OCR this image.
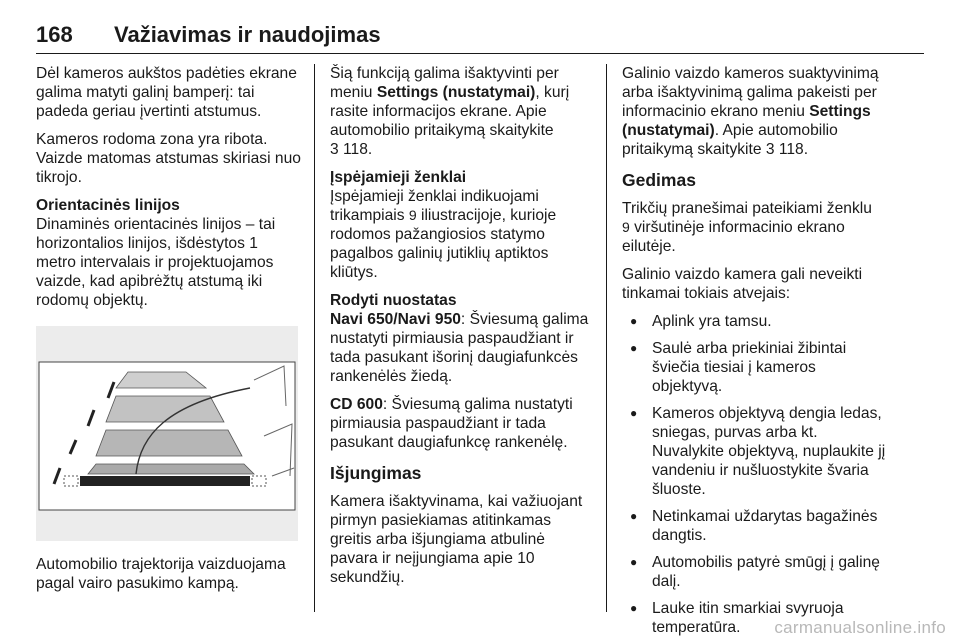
168 Važiavimas ir naudojimas

Dėl kameros aukštos padėties ekrane galima matyti galinį bamperį: tai padeda geriau įvertinti atstumus.

Kameros rodoma zona yra ribota. Vaizde matomas atstumas skiriasi nuo tikrojo.

Orientacinės linijos

Dinaminės orientacinės linijos – tai horizontalios linijos, išdėstytos 1 metro intervalais ir projektuojamos vaizde, kad apibrėžtų atstumą iki rodomų objektų.

Automobilio trajektorija vaizduojama pagal vairo pasukimo kampą.

Šią funkciją galima išaktyvinti per meniu Settings (nustatymai), kurį rasite informacijos ekrane. Apie automobilio pritaikymą skaitykite
3 118.

Įspėjamieji ženklai

Įspėjamieji ženklai indikuojami trikampiais 9 iliustracijoje, kurioje rodomos pažangiosios statymo pagalbos galinių jutiklių aptiktos kliūtys.

Rodyti nuostatas

Navi 650/Navi 950: Šviesumą galima nustatyti pirmiausia paspaudžiant ir tada pasukant išorinį daugiafunkcės rankenėlės žiedą.

CD 600: Šviesumą galima nustatyti pirmiausia paspaudžiant ir tada pasukant daugiafunkcę rankenėlę.

Išjungimas

Kamera išaktyvinama, kai važiuojant pirmyn pasiekiamas atitinkamas greitis arba išjungiama atbulinė pavara ir neįjungiama apie 10 sekundžių.

Galinio vaizdo kameros suaktyvinimą arba išaktyvinimą galima pakeisti per informacinio ekrano meniu Settings (nustatymai). Apie automobilio pritaikymą skaitykite 3 118.

Gedimas

Trikčių pranešimai pateikiami ženklu
9 viršutinėje informacinio ekrano eilutėje.

Galinio vaizdo kamera gali neveikti tinkamai tokiais atvejais:

● Aplink yra tamsu.
● Saulė arba priekiniai žibintai šviečia tiesiai į kameros objektyvą.
● Kameros objektyvą dengia ledas, sniegas, purvas arba kt. Nuvalykite objektyvą, nuplaukite jį vandeniu ir nušluostykite švaria šluoste.
● Netinkamai uždarytas bagažinės dangtis.
● Automobilis patyrė smūgį į galinę dalį.
● Lauke itin smarkiai svyruoja temperatūra.	carmanualsonline.info
